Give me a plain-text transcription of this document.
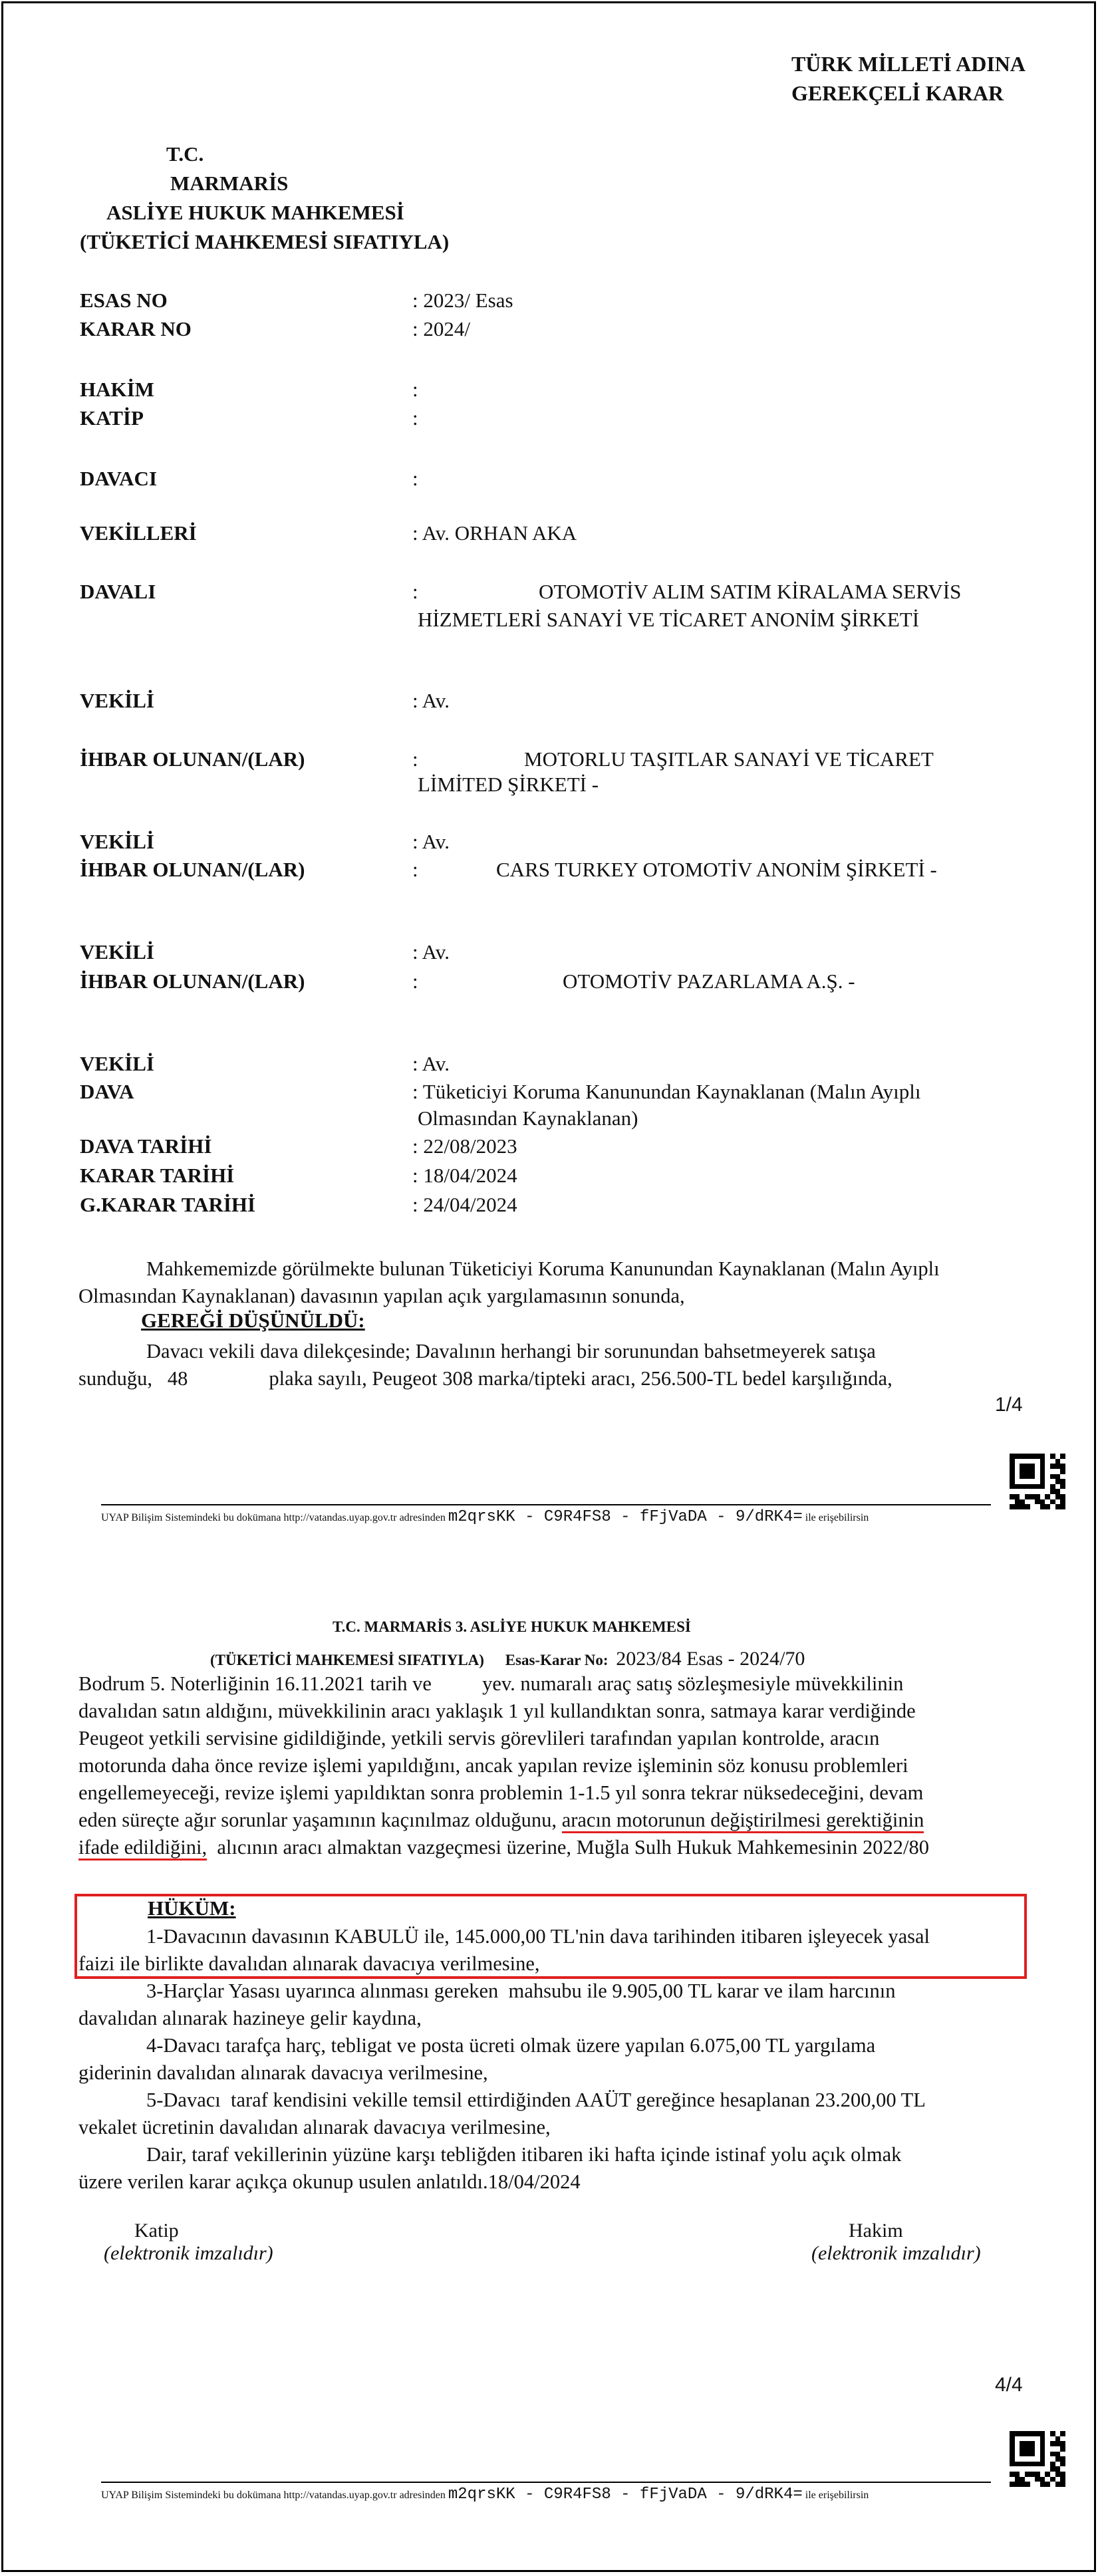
TÜRK MİLLETİ ADINA
GEREKÇELİ KARAR
T.C.
MARMARİS
ASLİYE HUKUK MAHKEMESİ
(TÜKETİCİ MAHKEMESİ SIFATIYLA)
ESAS NO	: 2023/ Esas
KARAR NO	: 2024/
HAKİM	:
KATİP	:
DAVACI	:
VEKİLLERİ	: Av. ORHAN AKA
DAVALI	:	OTOMOTİV ALIM SATIM KİRALAMA SERVİS
HİZMETLERİ SANAYİ VE TİCARET ANONİM ŞİRKETİ
VEKİLİ	: Av.
İHBAR OLUNAN/(LAR)	:	MOTORLU TAŞITLAR SANAYİ VE TİCARET
LİMİTED ŞİRKETİ -
VEKİLİ	: Av.
İHBAR OLUNAN/(LAR)	:	CARS TURKEY OTOMOTİV ANONİM ŞİRKETİ -
VEKİLİ	: Av.
İHBAR OLUNAN/(LAR)	:	OTOMOTİV PAZARLAMA A.Ş. -
VEKİLİ	: Av.
DAVA	: Tüketiciyi Koruma Kanunundan Kaynaklanan (Malın Ayıplı
Olmasından Kaynaklanan)
DAVA TARİHİ	: 22/08/2023
KARAR TARİHİ	: 18/04/2024
G.KARAR TARİHİ	: 24/04/2024

Mahkememizde görülmekte bulunan Tüketiciyi Koruma Kanunundan Kaynaklanan (Malın Ayıplı

Olmasından Kaynaklanan) davasının yapılan açık yargılamasının sonunda,

GEREĞİ DÜŞÜNÜLDÜ:

Davacı vekili dava dilekçesinde; Davalının herhangi bir sorunundan bahsetmeyerek satışa

sunduğu,   48                plaka sayılı, Peugeot 308 marka/tipteki aracı, 256.500-TL bedel karşılığında,

1/4
UYAP Bilişim Sistemindeki bu dokümana http://vatandas.uyap.gov.tr adresinden m2qrsKK - C9R4FS8 - fFjVaDA - 9/dRK4= ile erişebilirsin
T.C. MARMARİS 3. ASLİYE HUKUK MAHKEMESİ
(TÜKETİCİ MAHKEMESİ SIFATIYLA) Esas-Karar No: 2023/84 Esas - 2024/70

Bodrum 5. Noterliğinin 16.11.2021 tarih ve          yev. numaralı araç satış sözleşmesiyle müvekkilinin

davalıdan satın aldığını, müvekkilinin aracı yaklaşık 1 yıl kullandıktan sonra, satmaya karar verdiğinde

Peugeot yetkili servisine gidildiğinde, yetkili servis görevlileri tarafından yapılan kontrolde, aracın

motorunda daha önce revize işlemi yapıldığını, ancak yapılan revize işleminin söz konusu problemleri

engellemeyeceği, revize işlemi yapıldıktan sonra problemin 1-1.5 yıl sonra tekrar nüksedeceğini, devam

eden süreçte ağır sorunlar yaşamının kaçınılmaz olduğunu, aracın motorunun değiştirilmesi gerektiğinin

ifade edildiğini,  alıcının aracı almaktan vazgeçmesi üzerine, Muğla Sulh Hukuk Mahkemesinin 2022/80

HÜKÜM:

1-Davacının davasının KABULÜ ile, 145.000,00 TL'nin dava tarihinden itibaren işleyecek yasal

faizi ile birlikte davalıdan alınarak davacıya verilmesine,

3-Harçlar Yasası uyarınca alınması gereken  mahsubu ile 9.905,00 TL karar ve ilam harcının

davalıdan alınarak hazineye gelir kaydına,

4-Davacı tarafça harç, tebligat ve posta ücreti olmak üzere yapılan 6.075,00 TL yargılama

giderinin davalıdan alınarak davacıya verilmesine,

5-Davacı  taraf kendisini vekille temsil ettirdiğinden AAÜT gereğince hesaplanan 23.200,00 TL

vekalet ücretinin davalıdan alınarak davacıya verilmesine,

Dair, taraf vekillerinin yüzüne karşı tebliğden itibaren iki hafta içinde istinaf yolu açık olmak

üzere verilen karar açıkça okunup usulen anlatıldı.18/04/2024

Katip
(elektronik imzalıdır)
Hakim
(elektronik imzalıdır)
4/4
UYAP Bilişim Sistemindeki bu dokümana http://vatandas.uyap.gov.tr adresinden m2qrsKK - C9R4FS8 - fFjVaDA - 9/dRK4= ile erişebilirsin
